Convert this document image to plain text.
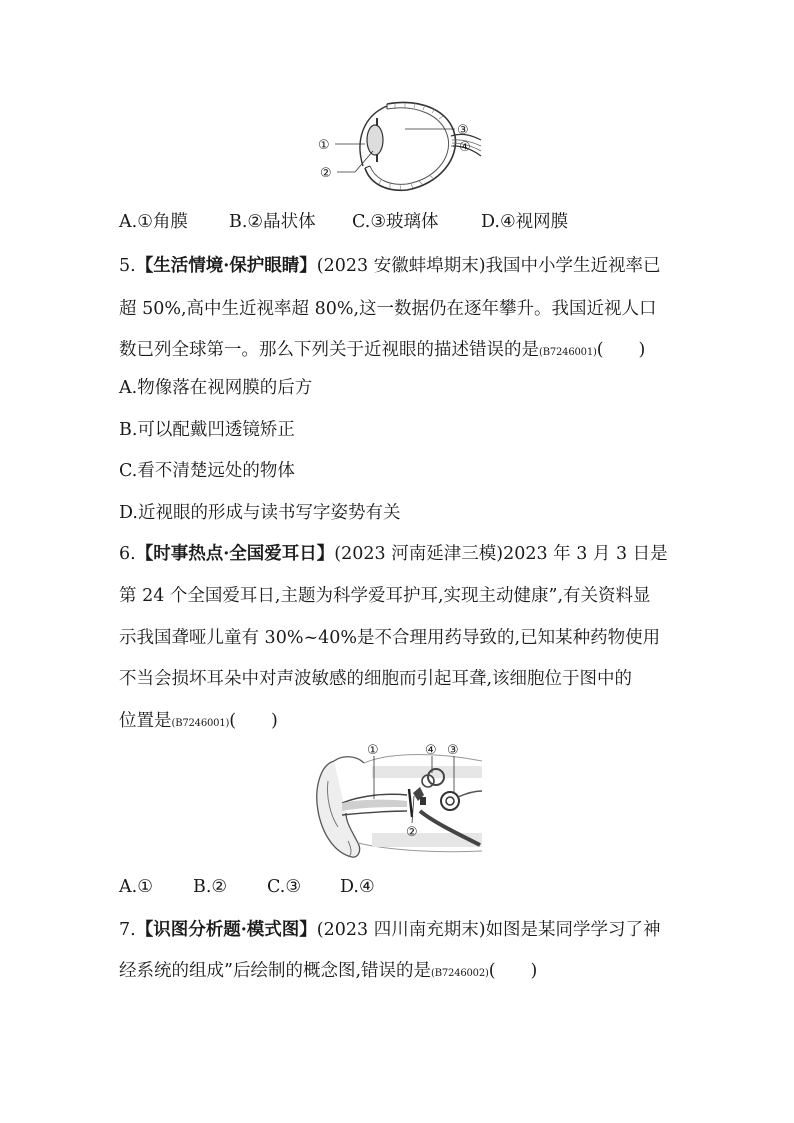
①
②
③
④
A.①角膜 B.②晶状体 C.③玻璃体 D.④视网膜
5.【生活情境·保护眼睛】(2023 安徽蚌埠期末)我国中小学生近视率已
超 50%,高中生近视率超 80%,这一数据仍在逐年攀升。我国近视人口
数已列全球第一。那么下列关于近视眼的描述错误的是(B7246001)(　　)
A.物像落在视网膜的后方
B.可以配戴凹透镜矫正
C.看不清楚远处的物体
D.近视眼的形成与读书写字姿势有关
6.【时事热点·全国爱耳日】(2023 河南延津三模)2023 年 3 月 3 日是
第 24 个全国爱耳日,主题为科学爱耳护耳,实现主动健康”,有关资料显
示我国聋哑儿童有 30%~40%是不合理用药导致的,已知某种药物使用
不当会损坏耳朵中对声波敏感的细胞而引起耳聋,该细胞位于图中的
位置是(B7246001)(　　)
①	④ ③
②
A.① B.② C.③ D.④
7.【识图分析题·模式图】(2023 四川南充期末)如图是某同学学习了神
经系统的组成”后绘制的概念图,错误的是(B7246002)(　　)
